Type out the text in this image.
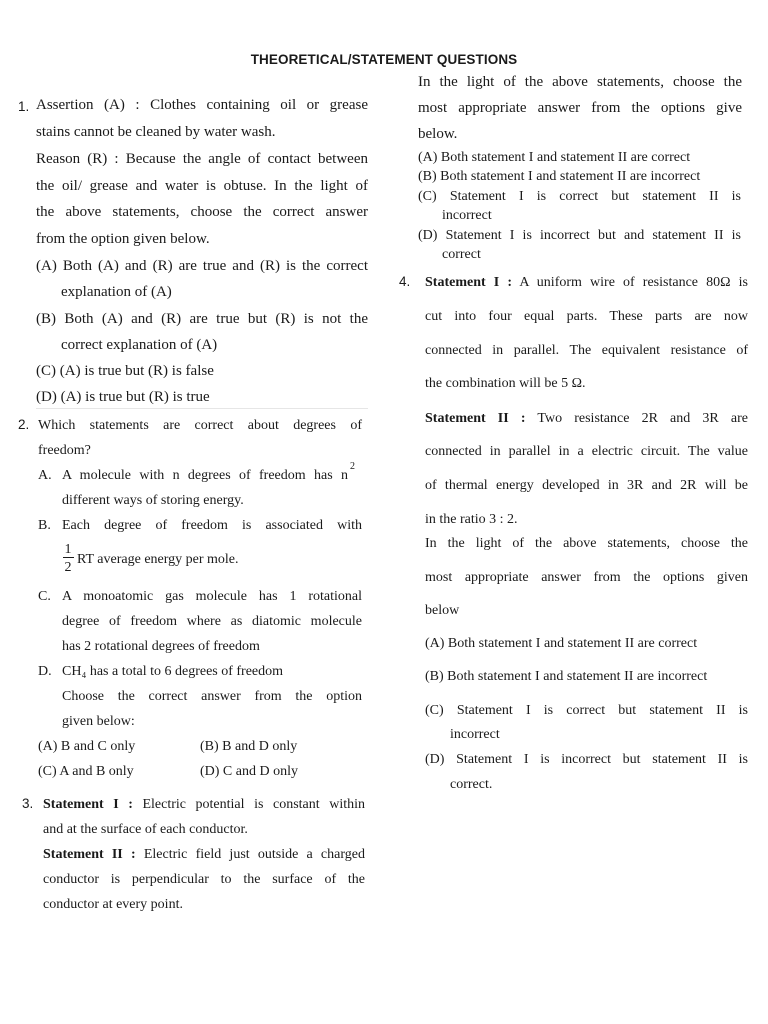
THEORETICAL/STATEMENT QUESTIONS
1. Assertion (A) : Clothes containing oil or grease
stains cannot be cleaned by water wash.
Reason (R) : Because the angle of contact between
the oil/ grease and water is obtuse. In the light of
the above statements, choose the correct answer
from the option given below.
(A) Both (A) and (R) are true and (R) is the correct
explanation of (A)
(B) Both (A) and (R) are true but (R) is not the
correct explanation of (A)
(C) (A) is true but (R) is false
(D) (A) is true but (R) is true
2. Which statements are correct about degrees of
freedom?
A. A molecule with n degrees of freedom has n
2
different ways of storing energy.
B. Each degree of freedom is associated with
1
2
RT average energy per mole.
C. A monoatomic gas molecule has 1 rotational
degree of freedom where as diatomic molecule
has 2 rotational degrees of freedom
D. CH₄ has a total to 6 degrees of freedom
Choose the correct answer from the option
given below:
(A) B and C only	(B) B and D only
(C) A and B only	(D) C and D only
3. Statement I : Electric potential is constant within
and at the surface of each conductor.
Statement II : Electric field just outside a charged
conductor is perpendicular to the surface of the
conductor at every point.
In the light of the above statements, choose the
most appropriate answer from the options give
below.
(A) Both statement I and statement II are correct
(B) Both statement I and statement II are incorrect
(C) Statement I is correct but statement II is
incorrect
(D) Statement I is incorrect but and statement II is
correct
4. Statement I : A uniform wire of resistance 80Ω is
cut into four equal parts. These parts are now
connected in parallel. The equivalent resistance of
the combination will be 5 Ω.
Statement II : Two resistance 2R and 3R are
connected in parallel in a electric circuit. The value
of thermal energy developed in 3R and 2R will be
in the ratio 3 : 2.
In the light of the above statements, choose the
most appropriate answer from the options given
below
(A) Both statement I and statement II are correct
(B) Both statement I and statement II are incorrect
(C) Statement I is correct but statement II is
incorrect
(D) Statement I is incorrect but statement II is
correct.
